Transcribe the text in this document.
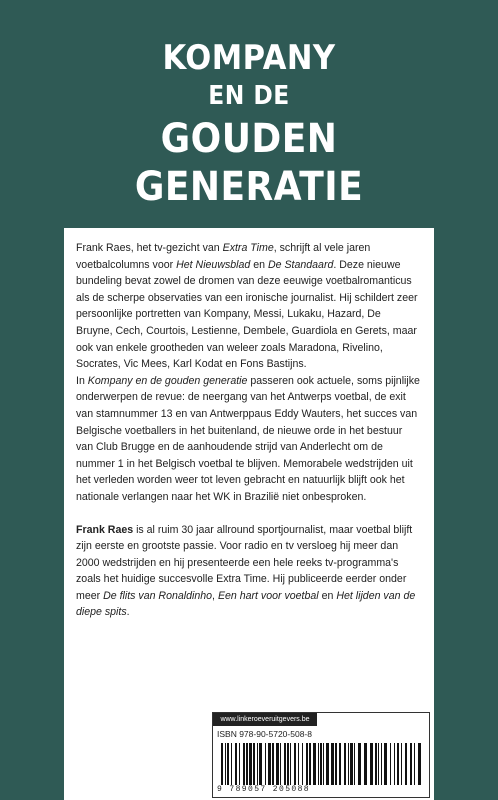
KOMPANY
EN DE
GOUDEN
GENERATIE

Frank Raes, het tv-gezicht van Extra Time, schrijft al vele jaren voetbalcolumns voor Het Nieuwsblad en De Standaard. Deze nieuwe bundeling bevat zowel de dromen van deze eeuwige voetbalromanticus als de scherpe observaties van een ironische journalist. Hij schildert zeer persoonlijke portretten van Kompany, Messi, Lukaku, Hazard, De Bruyne, Cech, Courtois, Lestienne, Dembele, Guardiola en Gerets, maar ook van enkele grootheden van weleer zoals Maradona, Rivelino, Socrates, Vic Mees, Karl Kodat en Fons Bastijns.

In Kompany en de gouden generatie passeren ook actuele, soms pijnlijke onderwerpen de revue: de neergang van het Antwerps voetbal, de exit van stamnummer 13 en van Antwerppaus Eddy Wauters, het succes van Belgische voetballers in het buitenland, de nieuwe orde in het bestuur van Club Brugge en de aanhoudende strijd van Anderlecht om de nummer 1 in het Belgisch voetbal te blijven. Memorabele wedstrijden uit het verleden worden weer tot leven gebracht en natuurlijk blijft ook het nationale verlangen naar het WK in Brazilië niet onbesproken.

Frank Raes is al ruim 30 jaar allround sportjournalist, maar voetbal blijft zijn eerste en grootste passie. Voor radio en tv versloeg hij meer dan 2000 wedstrijden en hij presenteerde een hele reeks tv-programma's zoals het huidige succesvolle Extra Time. Hij publiceerde eerder onder meer De flits van Ronaldinho, Een hart voor voetbal en Het lijden van de diepe spits.

www.linkeroeveruitgevers.be
ISBN 978-90-5720-508-8
9 789057 205088
